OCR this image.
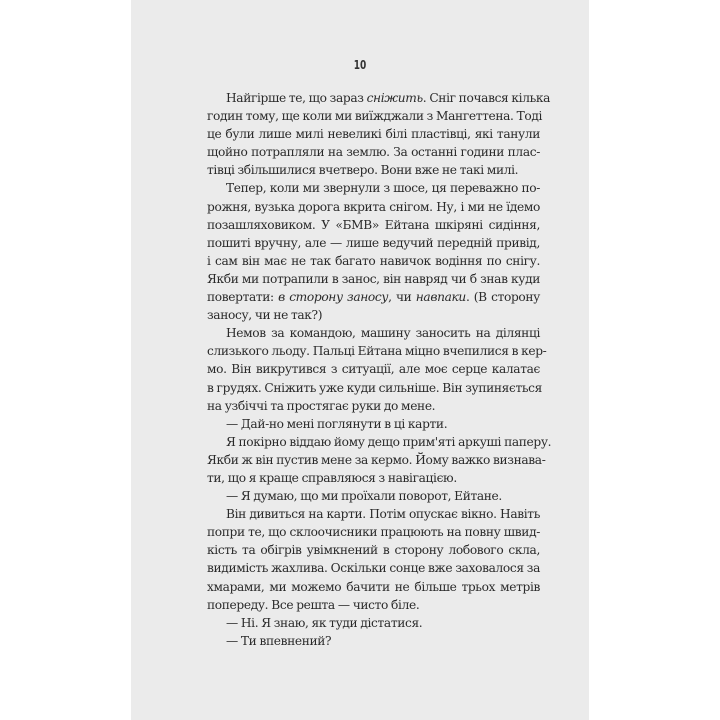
10
Найгірше те, що зараз сніжить. Сніг почався кілька
годин тому, ще коли ми виїжджали з Мангеттена. Тоді
це були лише милі невеликі білі пластівці, які танули
щойно потрапляли на землю. За останні години плас-
тівці збільшилися вчетверо. Вони вже не такі милі.
Тепер, коли ми звернули з шосе, ця переважно по-
рожня, вузька дорога вкрита снігом. Ну, і ми не їдемо
позашляховиком. У «БМВ» Ейтана шкіряні сидіння,
пошиті вручну, але — лише ведучий передній привід,
і сам він має не так багато навичок водіння по снігу.
Якби ми потрапили в занос, він навряд чи б знав куди
повертати: в сторону заносу, чи навпаки. (В сторону
заносу, чи не так?)
Немов за командою, машину заносить на ділянці
слизького льоду. Пальці Ейтана міцно вчепилися в кер-
мо. Він викрутився з ситуації, але моє серце калатає
в грудях. Сніжить уже куди сильніше. Він зупиняється
на узбіччі та простягає руки до мене.
— Дай-но мені поглянути в ці карти.
Я покірно віддаю йому дещо прим'яті аркуші паперу.
Якби ж він пустив мене за кермо. Йому важко визнава-
ти, що я краще справляюся з навігацією.
— Я думаю, що ми проїхали поворот, Ейтане.
Він дивиться на карти. Потім опускає вікно. Навіть
попри те, що склоочисники працюють на повну швид-
кість та обігрів увімкнений в сторону лобового скла,
видимість жахлива. Оскільки сонце вже заховалося за
хмарами, ми можемо бачити не більше трьох метрів
попереду. Все решта — чисто біле.
— Ні. Я знаю, як туди дістатися.
— Ти впевнений?
